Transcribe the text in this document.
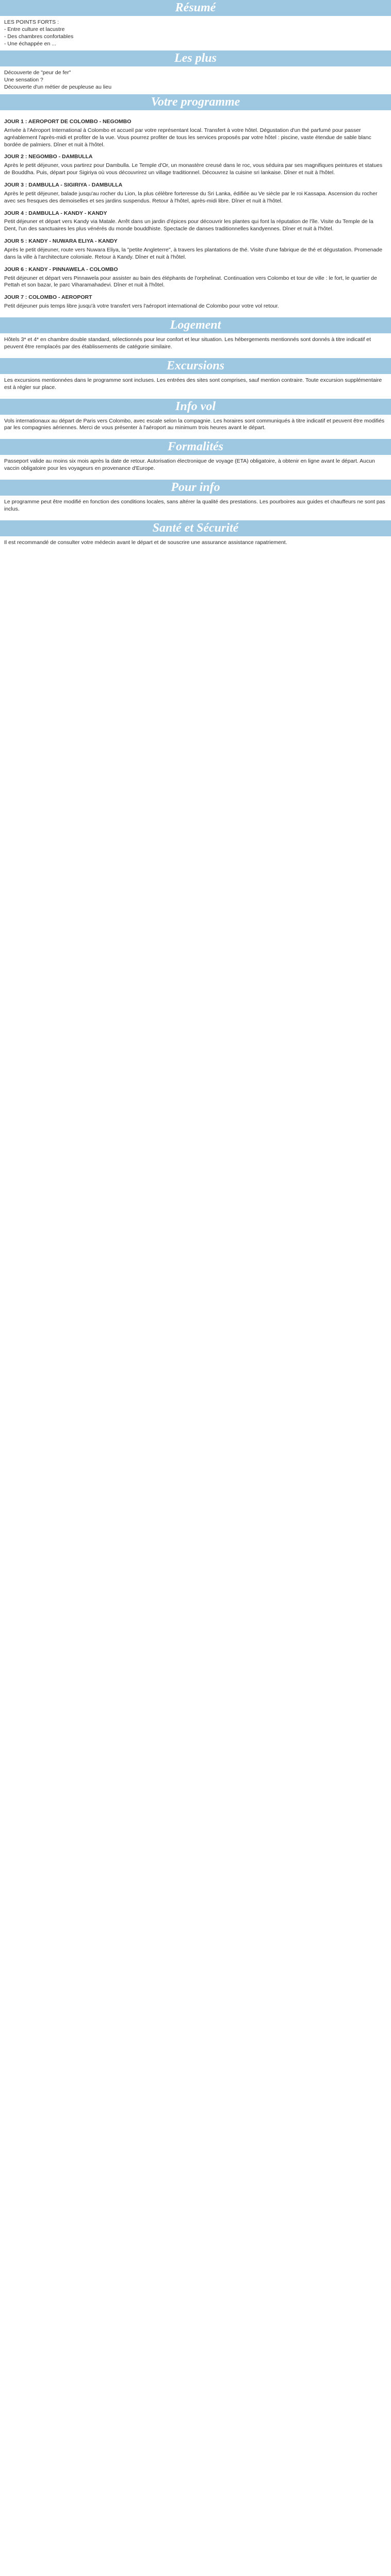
Résumé
LES POINTS FORTS :
- Entre culture et lacustre
- Des chambres confortables
- Une échappée en ...
Les plus
Découverte de "peur de fer"
Une sensation ?
Découverte d'un métier de peupleuse au lieu
Votre programme
JOUR 1 : AEROPORT DE COLOMBO - NEGOMBO

Arrivée à l'Aéroport International à Colombo et accueil par votre représentant local. Transfert à votre hôtel. Dégustation d'un thé parfumé pour passer agréablement l'après-midi et profiter de la vue. Vous pourrez profiter de tous les services proposés par votre hôtel : piscine, vaste étendue de sable blanc bordée de palmiers. Dîner et nuit à l'hôtel.

JOUR 2 : NEGOMBO - DAMBULLA

Après le petit déjeuner, vous partirez pour Dambulla. Le Temple d'Or, un monastère creusé dans le roc, vous séduira par ses magnifiques peintures et statues de Bouddha. Puis, départ pour Sigiriya où vous découvrirez un village traditionnel. Découvrez la cuisine sri lankaise. Dîner et nuit à l'hôtel.

JOUR 3 : DAMBULLA - SIGIRIYA - DAMBULLA

Après le petit déjeuner, balade jusqu'au rocher du Lion, la plus célèbre forteresse du Sri Lanka, édifiée au Ve siècle par le roi Kassapa. Ascension du rocher avec ses fresques des demoiselles et ses jardins suspendus. Retour à l'hôtel, après-midi libre. Dîner et nuit à l'hôtel.

JOUR 4 : DAMBULLA - KANDY - KANDY

Petit déjeuner et départ vers Kandy via Matale. Arrêt dans un jardin d'épices pour découvrir les plantes qui font la réputation de l'île. Visite du Temple de la Dent, l'un des sanctuaires les plus vénérés du monde bouddhiste. Spectacle de danses traditionnelles kandyennes. Dîner et nuit à l'hôtel.

JOUR 5 : KANDY - NUWARA ELIYA - KANDY

Après le petit déjeuner, route vers Nuwara Eliya, la "petite Angleterre", à travers les plantations de thé. Visite d'une fabrique de thé et dégustation. Promenade dans la ville à l'architecture coloniale. Retour à Kandy. Dîner et nuit à l'hôtel.

JOUR 6 : KANDY - PINNAWELA - COLOMBO

Petit déjeuner et départ vers Pinnawela pour assister au bain des éléphants de l'orphelinat. Continuation vers Colombo et tour de ville : le fort, le quartier de Pettah et son bazar, le parc Viharamahadevi. Dîner et nuit à l'hôtel.

JOUR 7 : COLOMBO - AEROPORT

Petit déjeuner puis temps libre jusqu'à votre transfert vers l'aéroport international de Colombo pour votre vol retour.

Logement

Hôtels 3* et 4* en chambre double standard, sélectionnés pour leur confort et leur situation. Les hébergements mentionnés sont donnés à titre indicatif et peuvent être remplacés par des établissements de catégorie similaire.

Excursions

Les excursions mentionnées dans le programme sont incluses. Les entrées des sites sont comprises, sauf mention contraire. Toute excursion supplémentaire est à régler sur place.

Info vol

Vols internationaux au départ de Paris vers Colombo, avec escale selon la compagnie. Les horaires sont communiqués à titre indicatif et peuvent être modifiés par les compagnies aériennes. Merci de vous présenter à l'aéroport au minimum trois heures avant le départ.

Formalités

Passeport valide au moins six mois après la date de retour. Autorisation électronique de voyage (ETA) obligatoire, à obtenir en ligne avant le départ. Aucun vaccin obligatoire pour les voyageurs en provenance d'Europe.

Pour info

Le programme peut être modifié en fonction des conditions locales, sans altérer la qualité des prestations. Les pourboires aux guides et chauffeurs ne sont pas inclus.

Santé et Sécurité

Il est recommandé de consulter votre médecin avant le départ et de souscrire une assurance assistance rapatriement.
